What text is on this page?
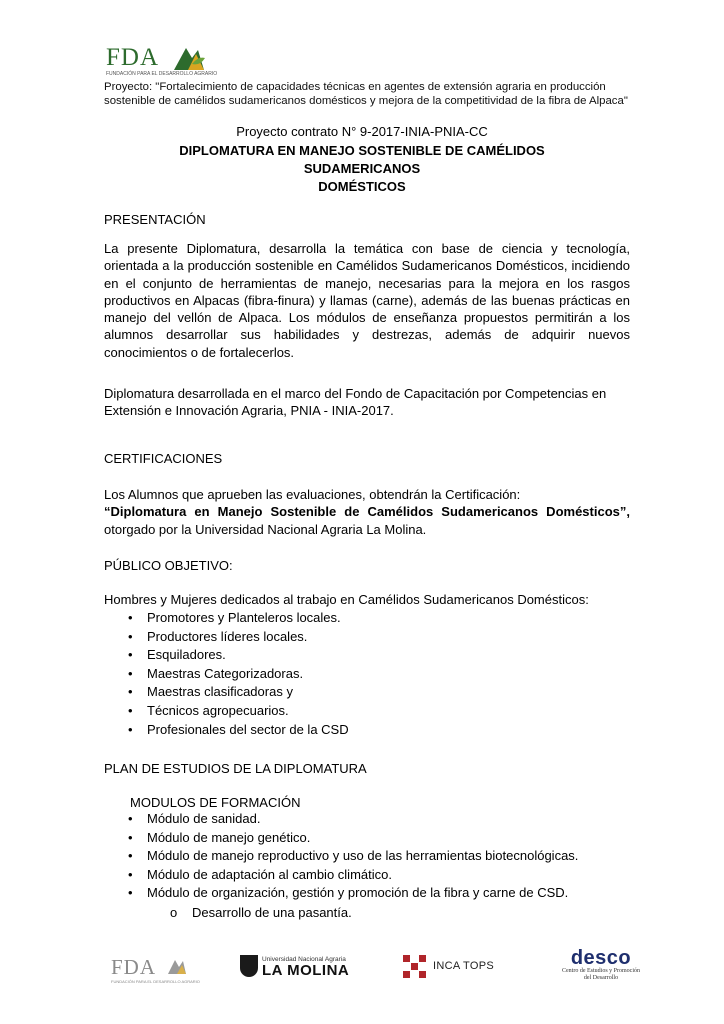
FDA
FUNDACIÓN PARA EL DESARROLLO AGRARIO
Proyecto: "Fortalecimiento de capacidades técnicas en agentes de extensión agraria en producción
sostenible de camélidos sudamericanos domésticos y mejora de la competitividad de la fibra de Alpaca"
Proyecto contrato N° 9-2017-INIA-PNIA-CC
DIPLOMATURA EN MANEJO SOSTENIBLE DE CAMÉLIDOS SUDAMERICANOS
DOMÉSTICOS
PRESENTACIÓN
La presente Diplomatura, desarrolla la temática con base de ciencia y tecnología, orientada a la producción sostenible en Camélidos Sudamericanos Domésticos, incidiendo en el conjunto de herramientas de manejo, necesarias para la mejora en los rasgos productivos en Alpacas (fibra-finura) y llamas (carne), además de las buenas prácticas en manejo del vellón de Alpaca. Los módulos de enseñanza propuestos permitirán a los alumnos desarrollar sus habilidades y destrezas, además de adquirir nuevos conocimientos o de fortalecerlos.
Diplomatura desarrollada en el marco del Fondo de Capacitación por Competencias en Extensión e Innovación Agraria, PNIA - INIA-2017.
CERTIFICACIONES
Los Alumnos que aprueben las evaluaciones, obtendrán la Certificación:
“Diplomatura en Manejo Sostenible de Camélidos Sudamericanos Domésticos”,
otorgado por la Universidad Nacional Agraria La Molina.
PÚBLICO OBJETIVO:
Hombres y Mujeres dedicados al trabajo en Camélidos Sudamericanos Domésticos:
• Promotores y Planteleros locales.
• Productores líderes locales.
• Esquiladores.
• Maestras Categorizadoras.
• Maestras clasificadoras y
• Técnicos agropecuarios.
• Profesionales del sector de la CSD
PLAN DE ESTUDIOS DE LA DIPLOMATURA
MODULOS DE FORMACIÓN
• Módulo de sanidad.
• Módulo de manejo genético.
• Módulo de manejo reproductivo y uso de las herramientas biotecnológicas.
• Módulo de adaptación al cambio climático.
• Módulo de organización, gestión y promoción de la fibra y carne de CSD.
o Desarrollo de una pasantía.
FDA
FUNDACIÓN PARA EL DESARROLLO AGRARIO
Universidad Nacional Agraria
LA MOLINA	INCA TOPS	desco
Centro de Estudios y Promoción
del Desarrollo
